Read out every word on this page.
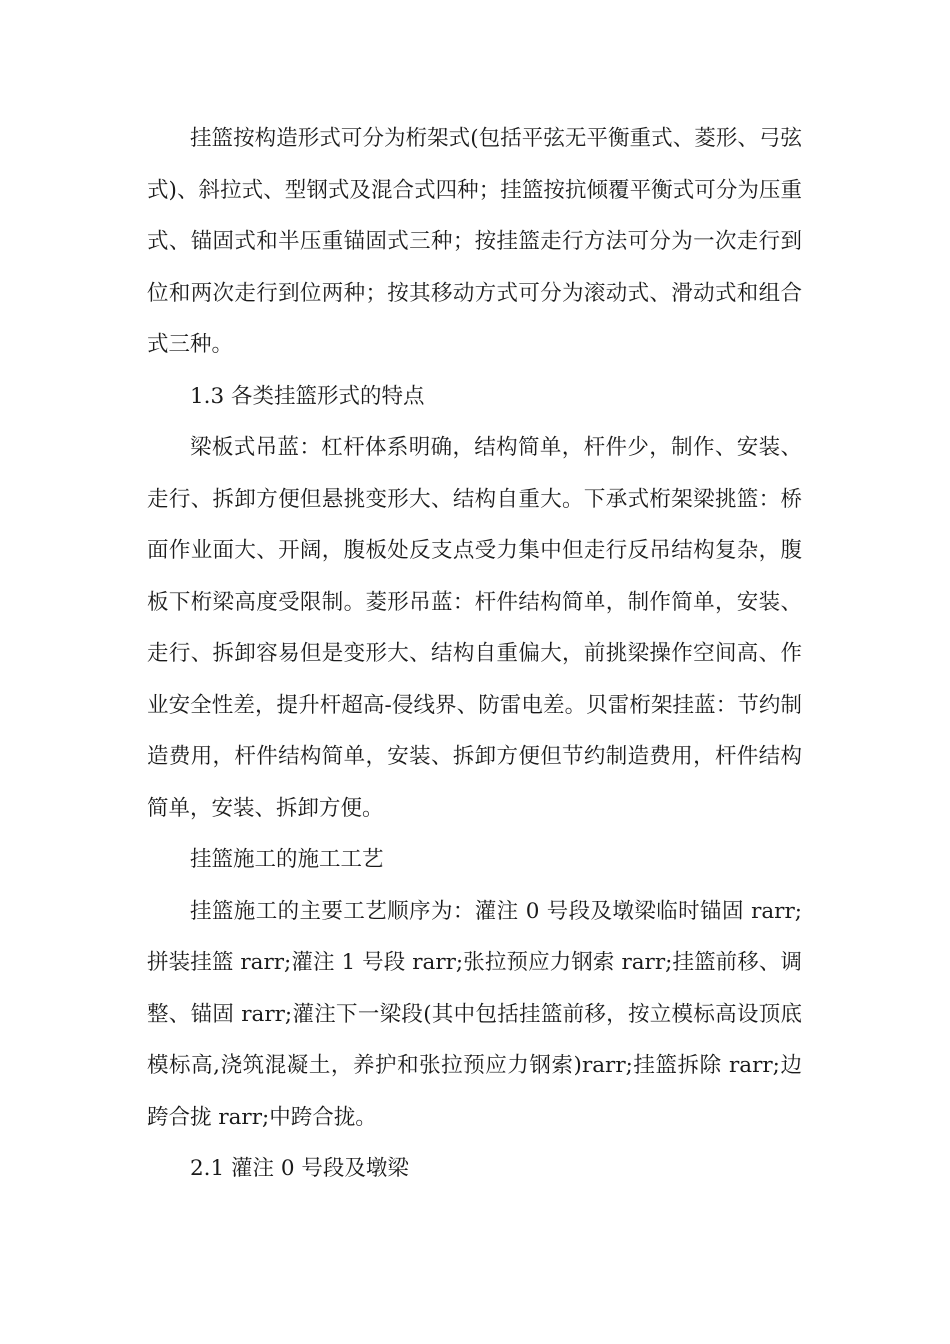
挂篮按构造形式可分为桁架式(包括平弦无平衡重式、菱形、弓弦式)、斜拉式、型钢式及混合式四种；挂篮按抗倾覆平衡式可分为压重式、锚固式和半压重锚固式三种；按挂篮走行方法可分为一次走行到位和两次走行到位两种；按其移动方式可分为滚动式、滑动式和组合式三种。

1.3 各类挂篮形式的特点

梁板式吊蓝：杠杆体系明确，结构简单，杆件少，制作、安装、走行、拆卸方便但悬挑变形大、结构自重大。下承式桁架梁挑篮：桥面作业面大、开阔，腹板处反支点受力集中但走行反吊结构复杂，腹板下桁梁高度受限制。菱形吊蓝：杆件结构简单，制作简单，安装、走行、拆卸容易但是变形大、结构自重偏大，前挑梁操作空间高、作业安全性差，提升杆超高-侵线界、防雷电差。贝雷桁架挂蓝：节约制造费用，杆件结构简单，安装、拆卸方便但节约制造费用，杆件结构简单，安装、拆卸方便。

挂篮施工的施工工艺

挂篮施工的主要工艺顺序为：灌注 0 号段及墩梁临时锚固 rarr;拼装挂篮 rarr;灌注 1 号段 rarr;张拉预应力钢索 rarr;挂篮前移、调整、锚固 rarr;灌注下一梁段(其中包括挂篮前移，按立模标高设顶底模标高,浇筑混凝土，养护和张拉预应力钢索)rarr;挂篮拆除 rarr;边跨合拢 rarr;中跨合拢。

2.1 灌注 0 号段及墩梁
